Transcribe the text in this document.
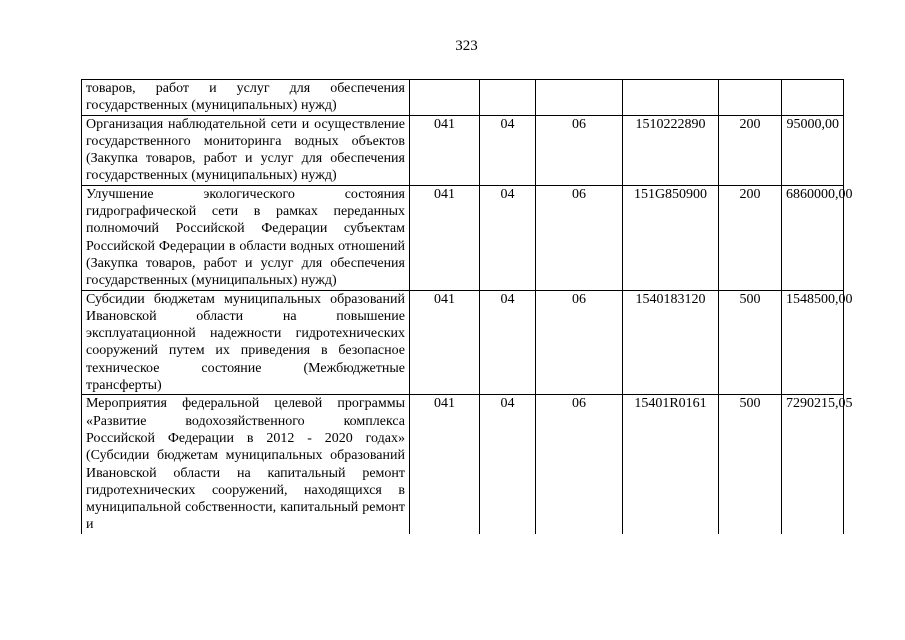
323
товаров, работ и услуг для обеспечения государственных (муниципальных) нужд)						
Организация наблюдательной сети и осуществление государственного мониторинга водных объектов (Закупка товаров, работ и услуг для обеспечения государственных (муниципальных) нужд)	041	04	06	1510222890	200	95000,00
Улучшение экологического состояния гидрографической сети в рамках переданных полномочий Российской Федерации субъектам Российской Федерации в области водных отношений (Закупка товаров, работ и услуг для обеспечения государственных (муниципальных) нужд)	041	04	06	151G850900	200	6860000,00
Субсидии бюджетам муниципальных образований Ивановской области на повышение эксплуатационной надежности гидротехнических сооружений путем их приведения в безопасное техническое состояние (Межбюджетные трансферты)	041	04	06	1540183120	500	1548500,00
Мероприятия федеральной целевой программы «Развитие водохозяйственного комплекса Российской Федерации в 2012 - 2020 годах» (Субсидии бюджетам муниципальных образований Ивановской области на капитальный ремонт гидротехнических сооружений, находящихся в муниципальной собственности, капитальный ремонт и	041	04	06	15401R0161	500	7290215,05
